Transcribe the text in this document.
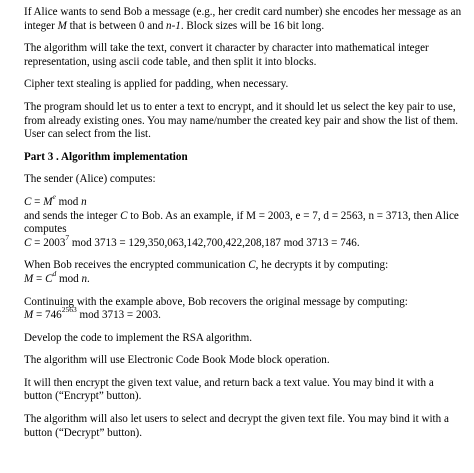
If Alice wants to send Bob a message (e.g., her credit card number) she encodes her message as an integer M that is between 0 and n-1. Block sizes will be 16 bit long.

The algorithm will take the text, convert it character by character into mathematical integer representation, using ascii code table, and then split it into blocks.

Cipher text stealing is applied for padding, when necessary.

The program should let us to enter a text to encrypt, and it should let us select the key pair to use, from already existing ones. You may name/number the created key pair and show the list of them. User can select from the list.

Part 3 . Algorithm implementation

The sender (Alice) computes:

$C = M^e$ mod n

and sends the integer C to Bob. As an example, if M = 2003, e = 7, d = 2563, n = 3713, then Alice computes
$C = 2003^7$ mod 3713 = 129,350,063,142,700,422,208,187 mod 3713 = 746.

When Bob receives the encrypted communication C, he decrypts it by computing:
$M = C^d$ mod n.

Continuing with the example above, Bob recovers the original message by computing:
$M = 746^{2563}$ mod 3713 = 2003.

Develop the code to implement the RSA algorithm.

The algorithm will use Electronic Code Book Mode block operation.

It will then encrypt the given text value, and return back a text value. You may bind it with a button (“Encrypt” button).

The algorithm will also let users to select and decrypt the given text file. You may bind it with a button (“Decrypt” button).
